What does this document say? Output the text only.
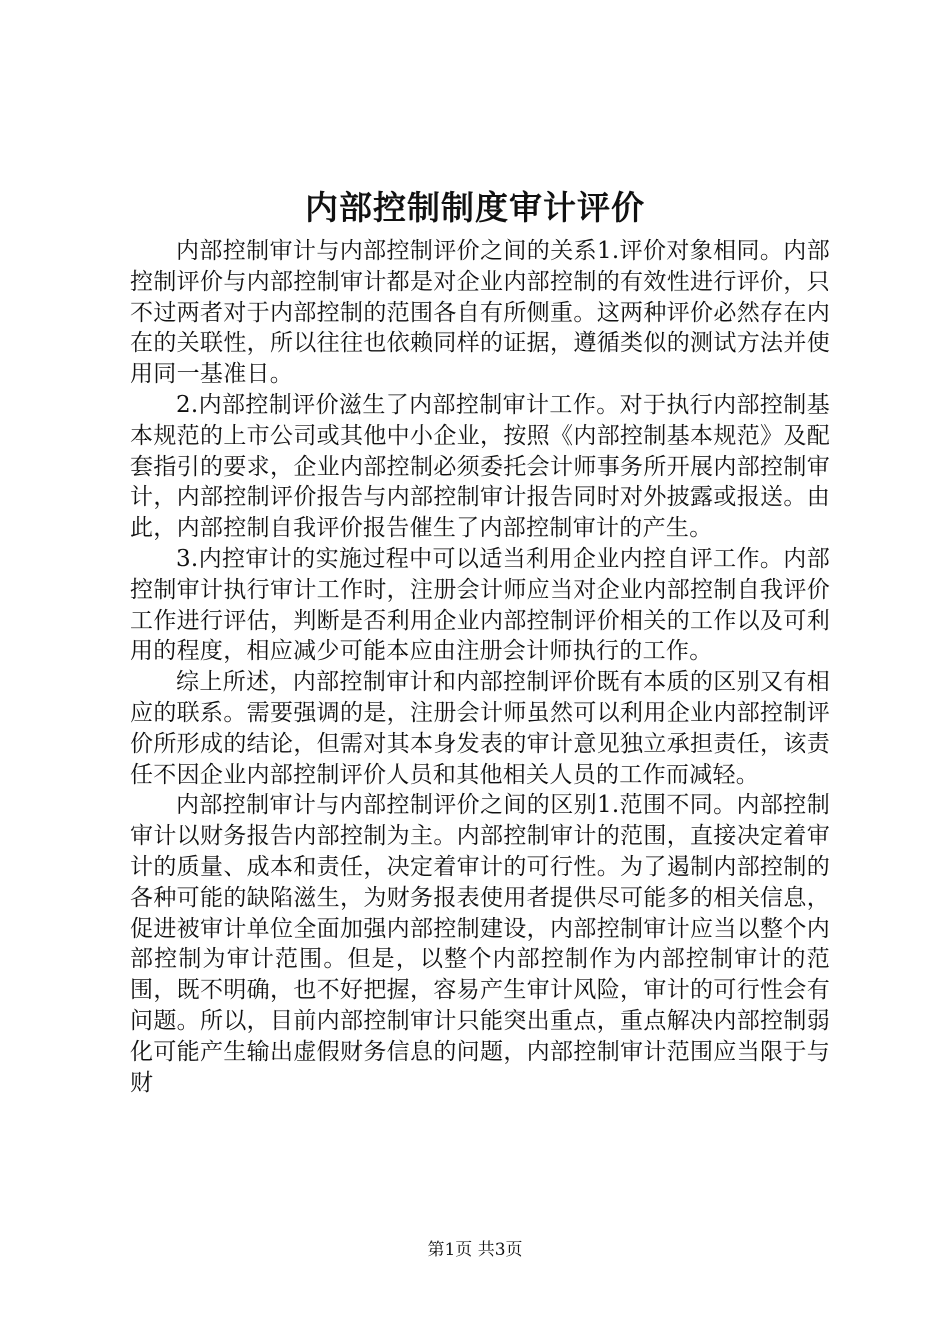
内部控制制度审计评价

内部控制审计与内部控制评价之间的关系1.评价对象相同。内部控制评价与内部控制审计都是对企业内部控制的有效性进行评价，只不过两者对于内部控制的范围各自有所侧重。这两种评价必然存在内在的关联性，所以往往也依赖同样的证据，遵循类似的测试方法并使用同一基准日。

2.内部控制评价滋生了内部控制审计工作。对于执行内部控制基本规范的上市公司或其他中小企业，按照《内部控制基本规范》及配套指引的要求，企业内部控制必须委托会计师事务所开展内部控制审计，内部控制评价报告与内部控制审计报告同时对外披露或报送。由此，内部控制自我评价报告催生了内部控制审计的产生。

3.内控审计的实施过程中可以适当利用企业内控自评工作。内部控制审计执行审计工作时，注册会计师应当对企业内部控制自我评价工作进行评估，判断是否利用企业内部控制评价相关的工作以及可利用的程度，相应减少可能本应由注册会计师执行的工作。

综上所述，内部控制审计和内部控制评价既有本质的区别又有相应的联系。需要强调的是，注册会计师虽然可以利用企业内部控制评价所形成的结论，但需对其本身发表的审计意见独立承担责任，该责任不因企业内部控制评价人员和其他相关人员的工作而减轻。

内部控制审计与内部控制评价之间的区别1.范围不同。内部控制审计以财务报告内部控制为主。内部控制审计的范围，直接决定着审计的质量、成本和责任，决定着审计的可行性。为了遏制内部控制的各种可能的缺陷滋生，为财务报表使用者提供尽可能多的相关信息，促进被审计单位全面加强内部控制建设，内部控制审计应当以整个内部控制为审计范围。但是，以整个内部控制作为内部控制审计的范围，既不明确，也不好把握，容易产生审计风险，审计的可行性会有问题。所以，目前内部控制审计只能突出重点，重点解决内部控制弱化可能产生输出虚假财务信息的问题，内部控制审计范围应当限于与财

第1页 共3页
